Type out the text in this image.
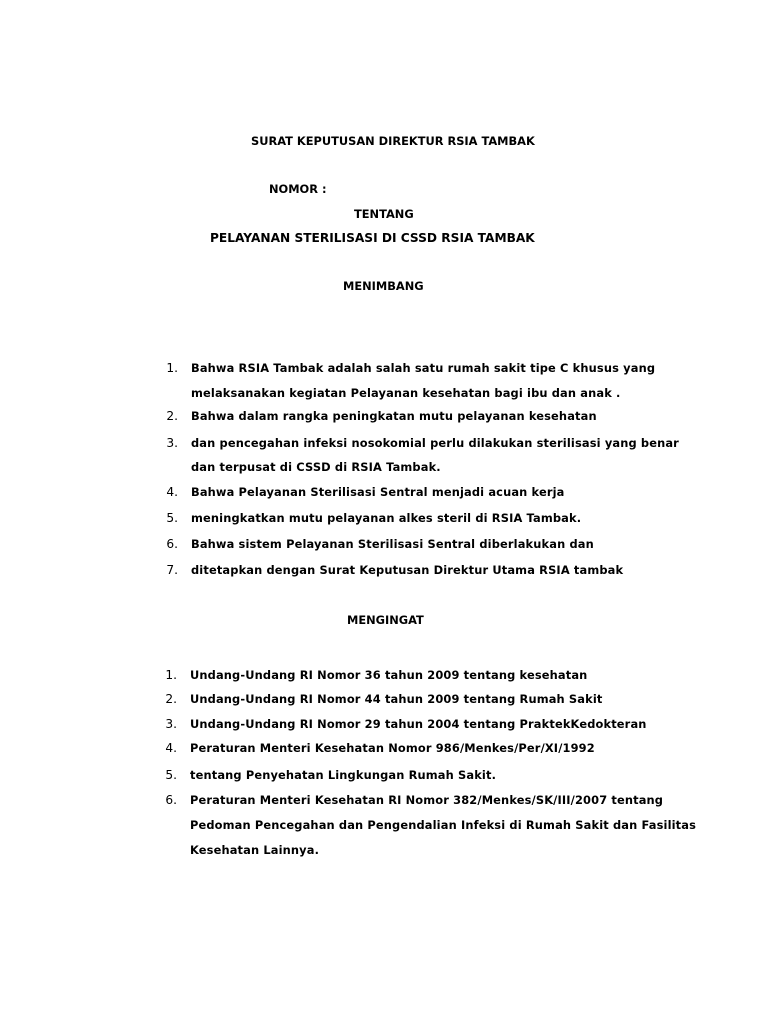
SURAT KEPUTUSAN DIREKTUR RSIA TAMBAK
NOMOR :
TENTANG
PELAYANAN STERILISASI DI CSSD RSIA TAMBAK
MENIMBANG
1. Bahwa RSIA Tambak adalah salah satu rumah sakit tipe C khusus yang
melaksanakan kegiatan Pelayanan kesehatan bagi ibu dan anak .
2. Bahwa dalam rangka peningkatan mutu pelayanan kesehatan
3. dan pencegahan infeksi nosokomial perlu dilakukan sterilisasi yang benar
dan terpusat di CSSD di RSIA Tambak.
4. Bahwa Pelayanan Sterilisasi Sentral menjadi acuan kerja
5. meningkatkan mutu pelayanan alkes steril di RSIA Tambak.
6. Bahwa sistem Pelayanan Sterilisasi Sentral diberlakukan dan
7. ditetapkan dengan Surat Keputusan Direktur Utama RSIA tambak
MENGINGAT
1. Undang-Undang RI Nomor 36 tahun 2009 tentang kesehatan
2. Undang-Undang RI Nomor 44 tahun 2009 tentang Rumah Sakit
3. Undang-Undang RI Nomor 29 tahun 2004 tentang PraktekKedokteran
4. Peraturan Menteri Kesehatan Nomor 986/Menkes/Per/XI/1992
5. tentang Penyehatan Lingkungan Rumah Sakit.
6. Peraturan Menteri Kesehatan RI Nomor 382/Menkes/SK/III/2007 tentang
Pedoman Pencegahan dan Pengendalian Infeksi di Rumah Sakit dan Fasilitas
Kesehatan Lainnya.
